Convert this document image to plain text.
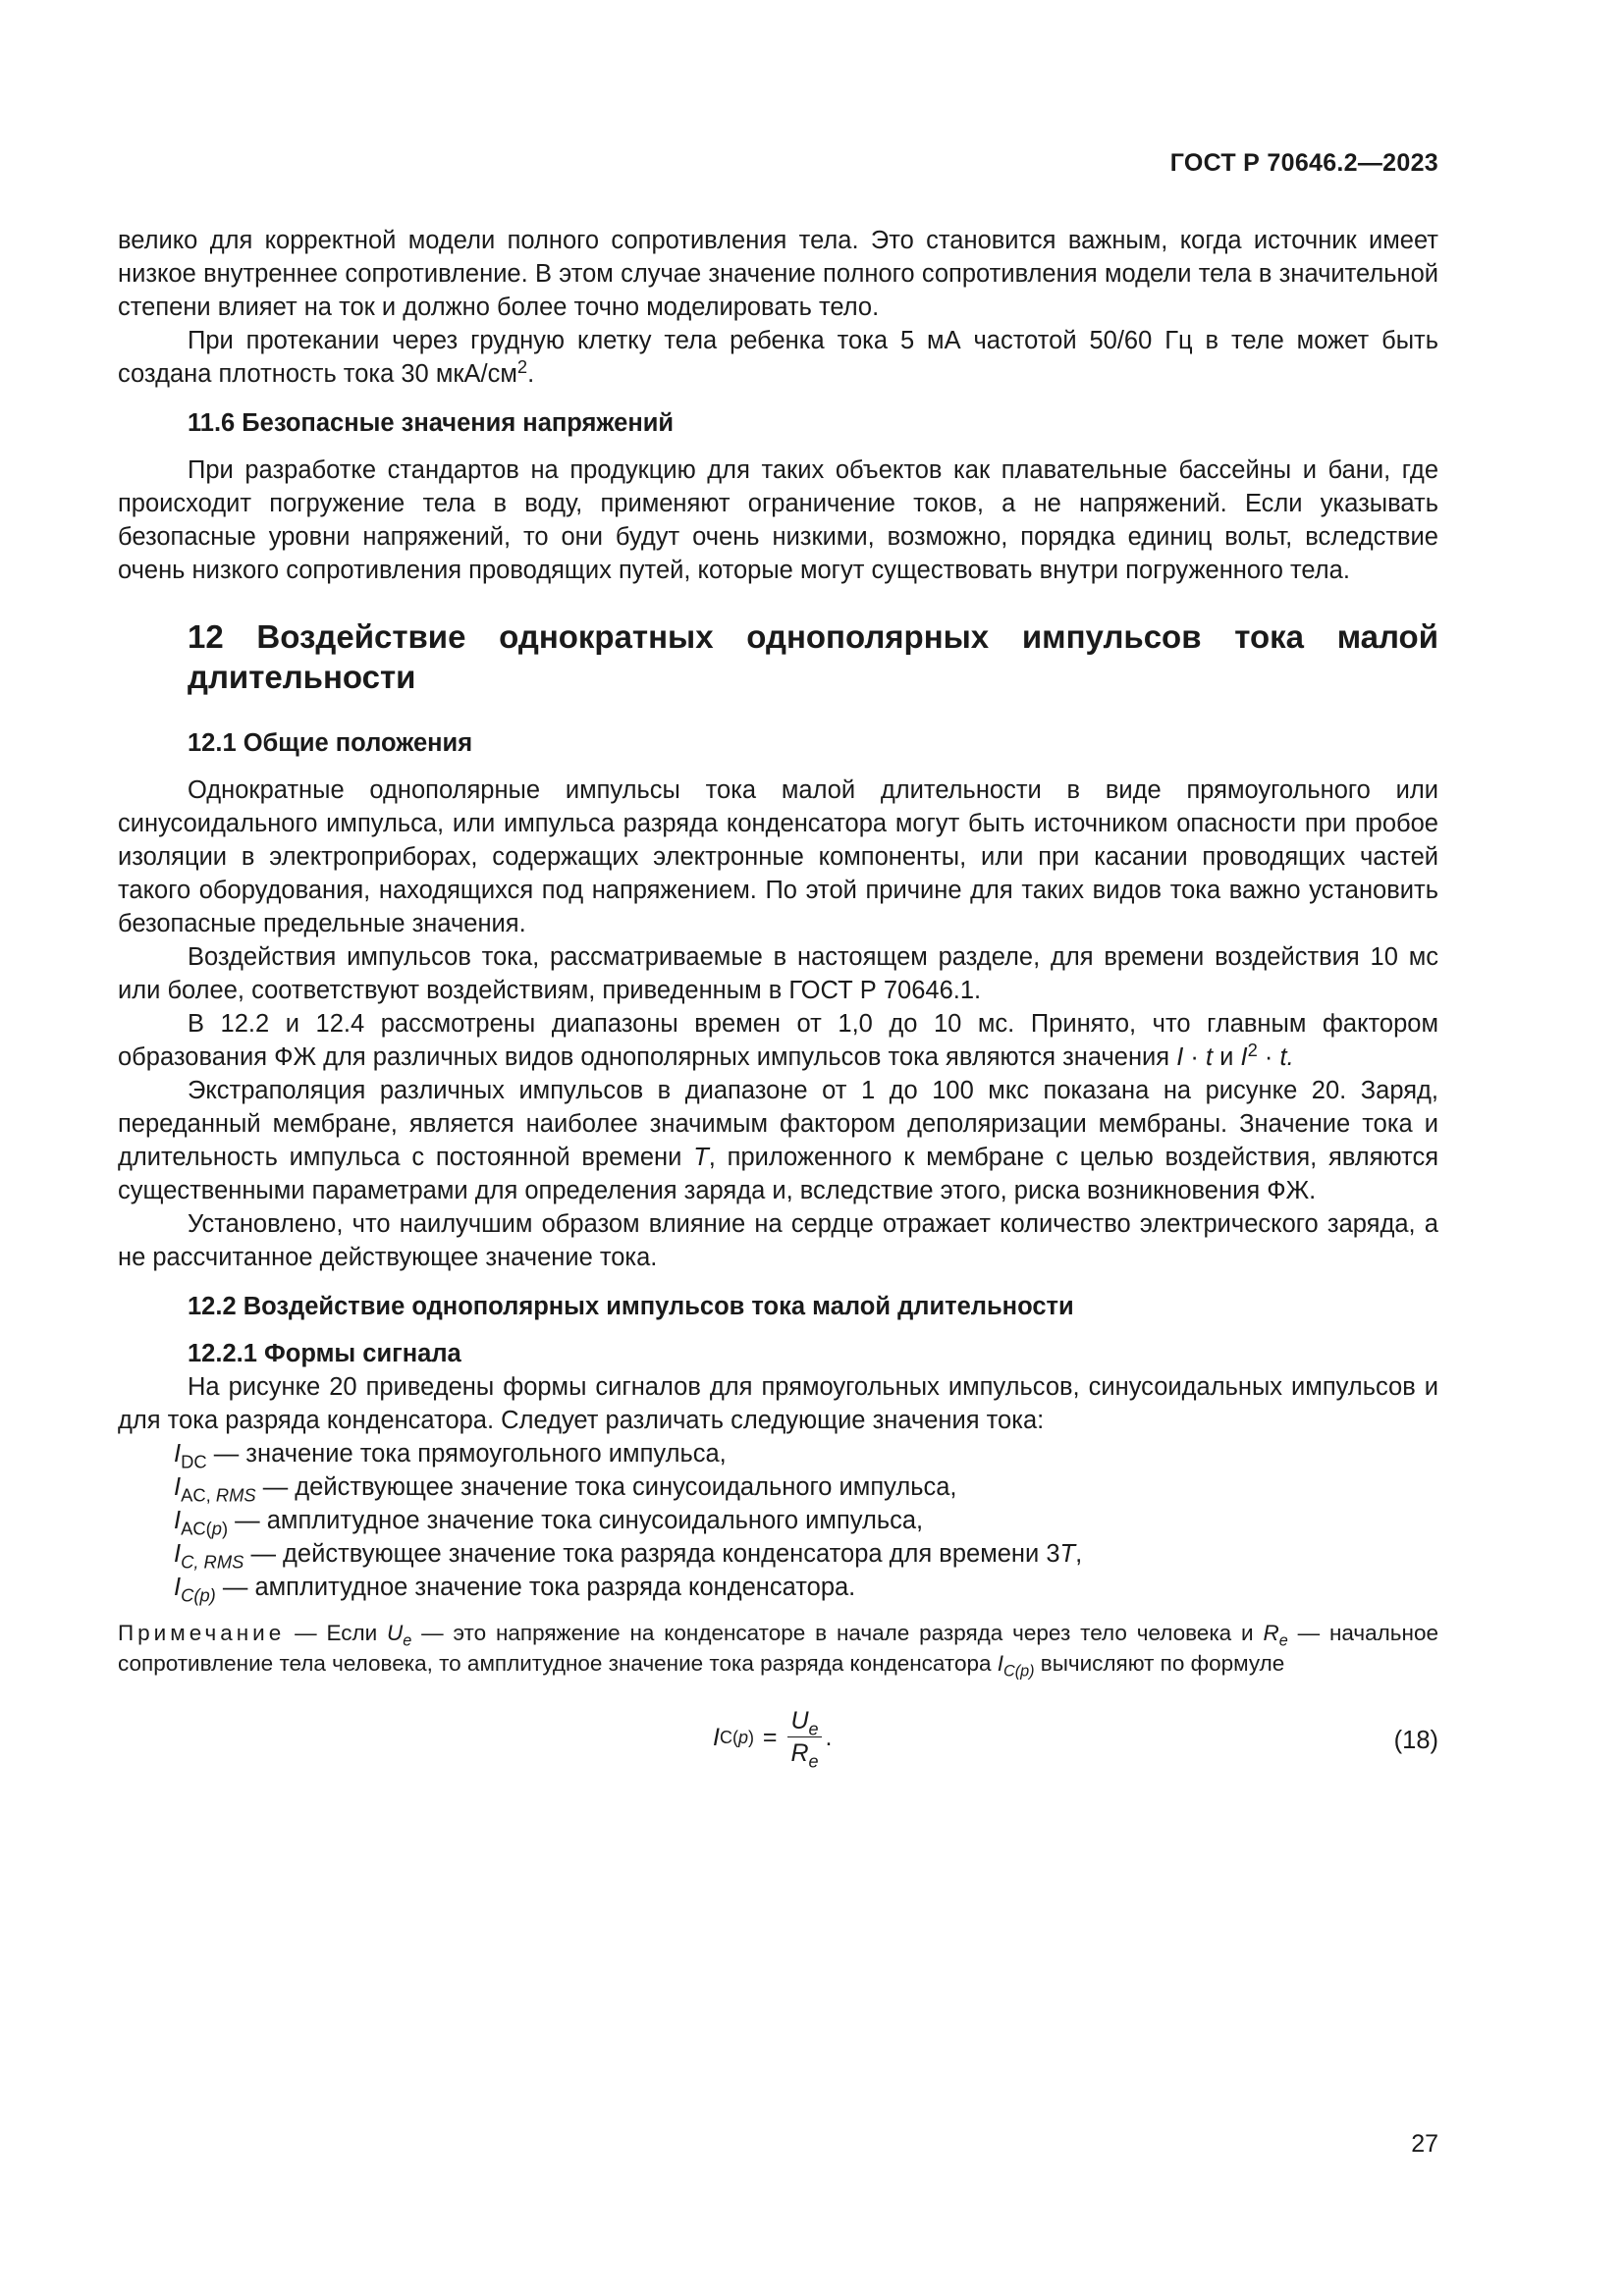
ГОСТ Р 70646.2—2023

велико для корректной модели полного сопротивления тела. Это становится важным, когда источник имеет низкое внутреннее сопротивление. В этом случае значение полного сопротивления модели тела в значительной степени влияет на ток и должно более точно моделировать тело.

При протекании через грудную клетку тела ребенка тока 5 мА частотой 50/60 Гц в теле может быть создана плотность тока 30 мкА/$см^2$.

11.6 Безопасные значения напряжений

При разработке стандартов на продукцию для таких объектов как плавательные бассейны и бани, где происходит погружение тела в воду, применяют ограничение токов, а не напряжений. Если указывать безопасные уровни напряжений, то они будут очень низкими, возможно, порядка единиц вольт, вследствие очень низкого сопротивления проводящих путей, которые могут существовать внутри погруженного тела.

12 Воздействие однократных однополярных импульсов тока малой длительности

12.1 Общие положения

Однократные однополярные импульсы тока малой длительности в виде прямоугольного или синусоидального импульса, или импульса разряда конденсатора могут быть источником опасности при пробое изоляции в электроприборах, содержащих электронные компоненты, или при касании проводящих частей такого оборудования, находящихся под напряжением. По этой причине для таких видов тока важно установить безопасные предельные значения.

Воздействия импульсов тока, рассматриваемые в настоящем разделе, для времени воздействия 10 мс или более, соответствуют воздействиям, приведенным в ГОСТ Р 70646.1.

В 12.2 и 12.4 рассмотрены диапазоны времен от 1,0 до 10 мс. Принято, что главным фактором образования ФЖ для различных видов однополярных импульсов тока являются значения I · t и $I^2 \cdot t$.

Экстраполяция различных импульсов в диапазоне от 1 до 100 мкс показана на рисунке 20. Заряд, переданный мембране, является наиболее значимым фактором деполяризации мембраны. Значение тока и длительность импульса с постоянной времени T, приложенного к мембране с целью воздействия, являются существенными параметрами для определения заряда и, вследствие этого, риска возникновения ФЖ.

Установлено, что наилучшим образом влияние на сердце отражает количество электрического заряда, а не рассчитанное действующее значение тока.

12.2 Воздействие однополярных импульсов тока малой длительности

12.2.1 Формы сигнала

На рисунке 20 приведены формы сигналов для прямоугольных импульсов, синусоидальных импульсов и для тока разряда конденсатора. Следует различать следующие значения тока:

$I_{DC}$ — значение тока прямоугольного импульса,

$I_{AC, RMS}$ — действующее значение тока синусоидального импульса,

$I_{AC(p)}$ — амплитудное значение тока синусоидального импульса,

$I_{C, RMS}$ — действующее значение тока разряда конденсатора для времени 3T,

$I_{C(p)}$ — амплитудное значение тока разряда конденсатора.

Примечание — Если $U_e$ — это напряжение на конденсаторе в начале разряда через тело человека и $R_e$ — начальное сопротивление тела человека, то амплитудное значение тока разряда конденсатора $I_{C(p)}$ вычисляют по формуле

I $C(p) = \frac{U_e}{R_e}$ .	(18)
27
